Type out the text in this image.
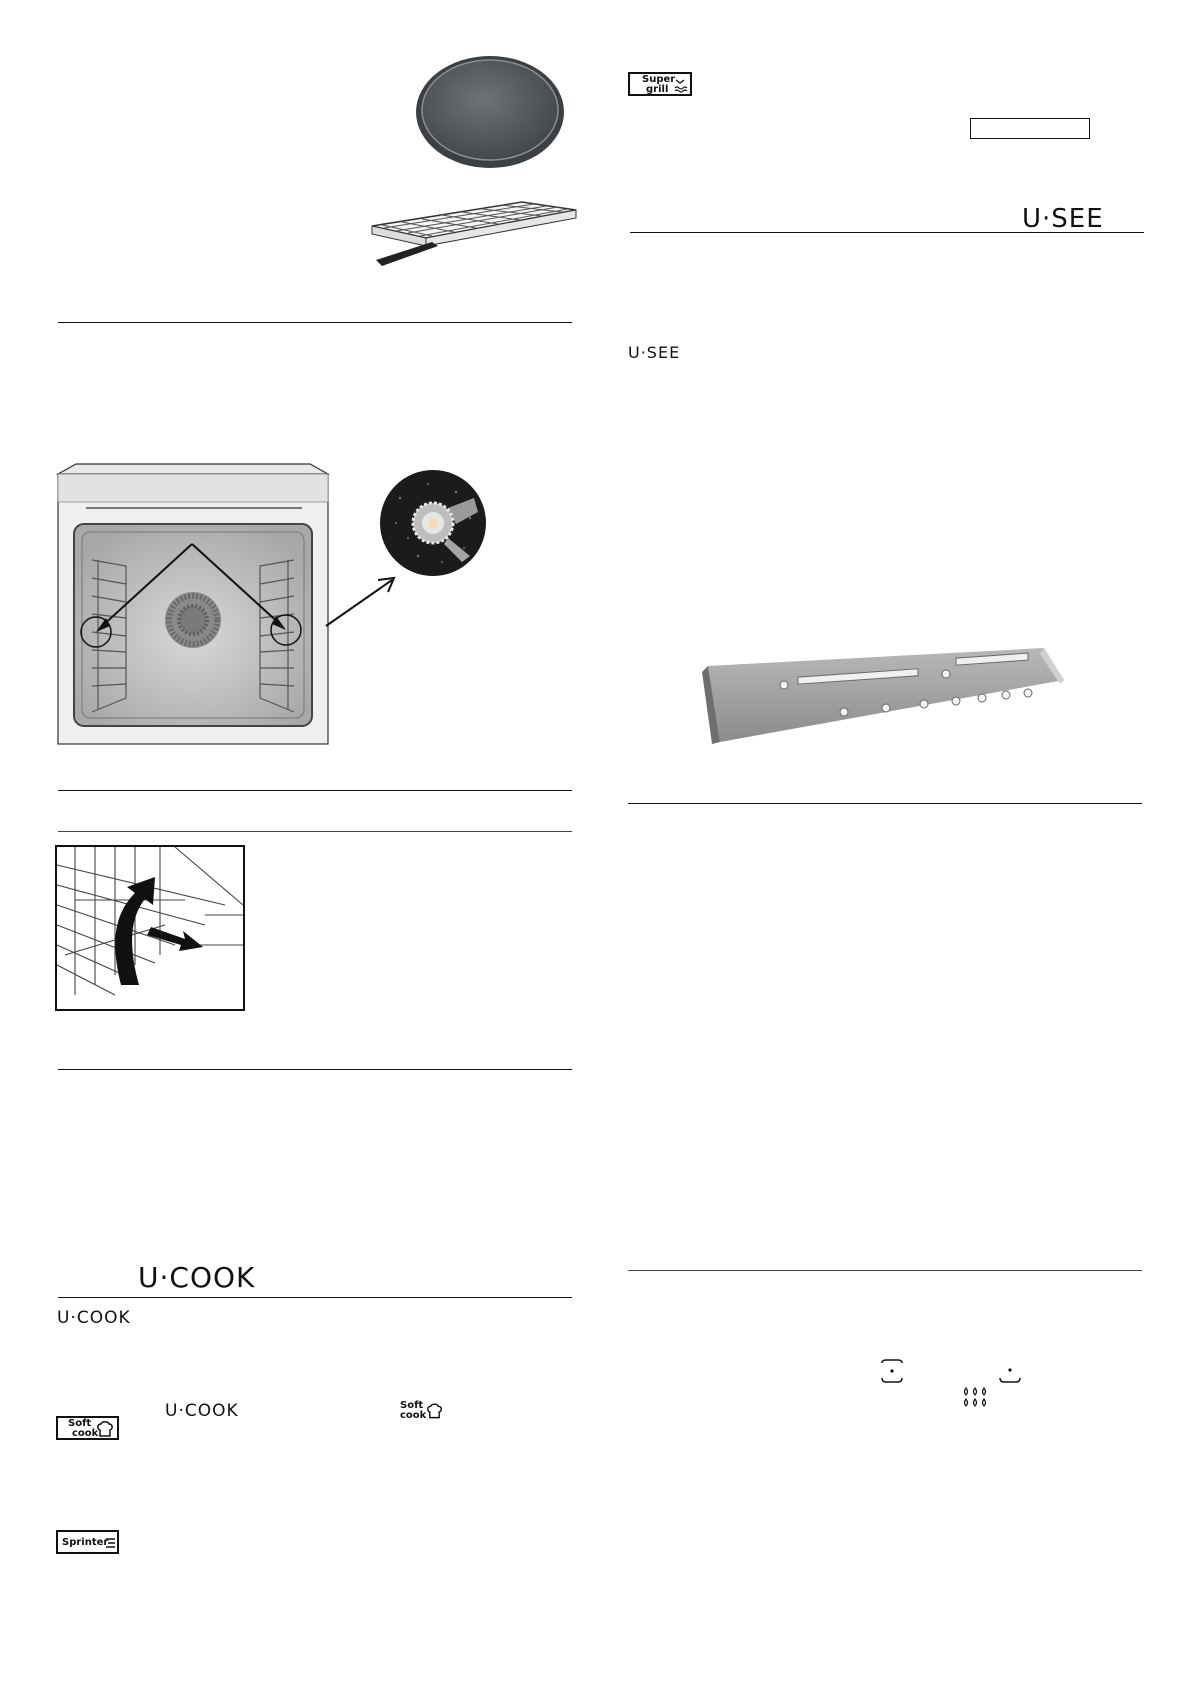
U·COOK
U·COOK
Soft
cook
U·COOK	Soft
cook
Sprinter
Super
grill
U·SEE
U·SEE
